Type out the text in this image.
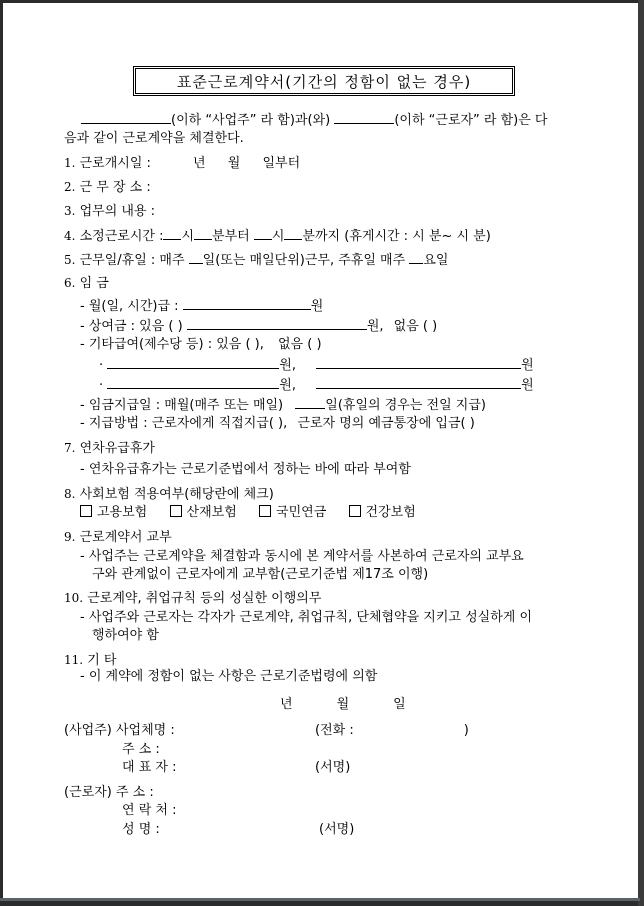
표준근로계약서(기간의 정함이 없는 경우)
(이하 “사업주” 라 함)과(와)	(이하 “근로자” 라 함)은 다
음과 같이 근로계약을 체결한다.
1. 근로개시일 :	년 월 일부터
2. 근 무 장 소 :
3. 업무의 내용 :
4. 소정근로시간 : 시 분부터 시 분까지 (휴게시간 : 시 분~ 시 분)
5. 근무일/휴일 : 매주 일(또는 매일단위)근무, 주휴일 매주 요일
6. 임 금
- 월(일, 시간)급 :	원
- 상여금 : 있음 ( )	원, 없음 ( )
- 기타급여(제수당 등) : 있음 ( ), 없음 ( )
·	원,	원
·	원,	원
- 임금지급일 : 매월(매주 또는 매일)	일(휴일의 경우는 전일 지급)
- 지급방법 : 근로자에게 직접지급( ), 근로자 명의 예금통장에 입금( )
7. 연차유급휴가
- 연차유급휴가는 근로기준법에서 정하는 바에 따라 부여함
8. 사회보험 적용여부(해당란에 체크)
고용보험	산재보험	국민연금	건강보험
9. 근로계약서 교부
- 사업주는 근로계약을 체결함과 동시에 본 계약서를 사본하여 근로자의 교부요
구와 관계없이 근로자에게 교부함(근로기준법 제17조 이행)
10. 근로계약, 취업규칙 등의 성실한 이행의무
- 사업주와 근로자는 각자가 근로계약, 취업규칙, 단체협약을 지키고 성실하게 이
행하여야 함
11. 기 타
- 이 계약에 정함이 없는 사항은 근로기준법령에 의함
년	월	일
(사업주) 사업체명 :	(전화 :	)
주 소 :
대 표 자 :	(서명)
(근로자) 주 소 :
연 락 처 :
성 명 :	(서명)
